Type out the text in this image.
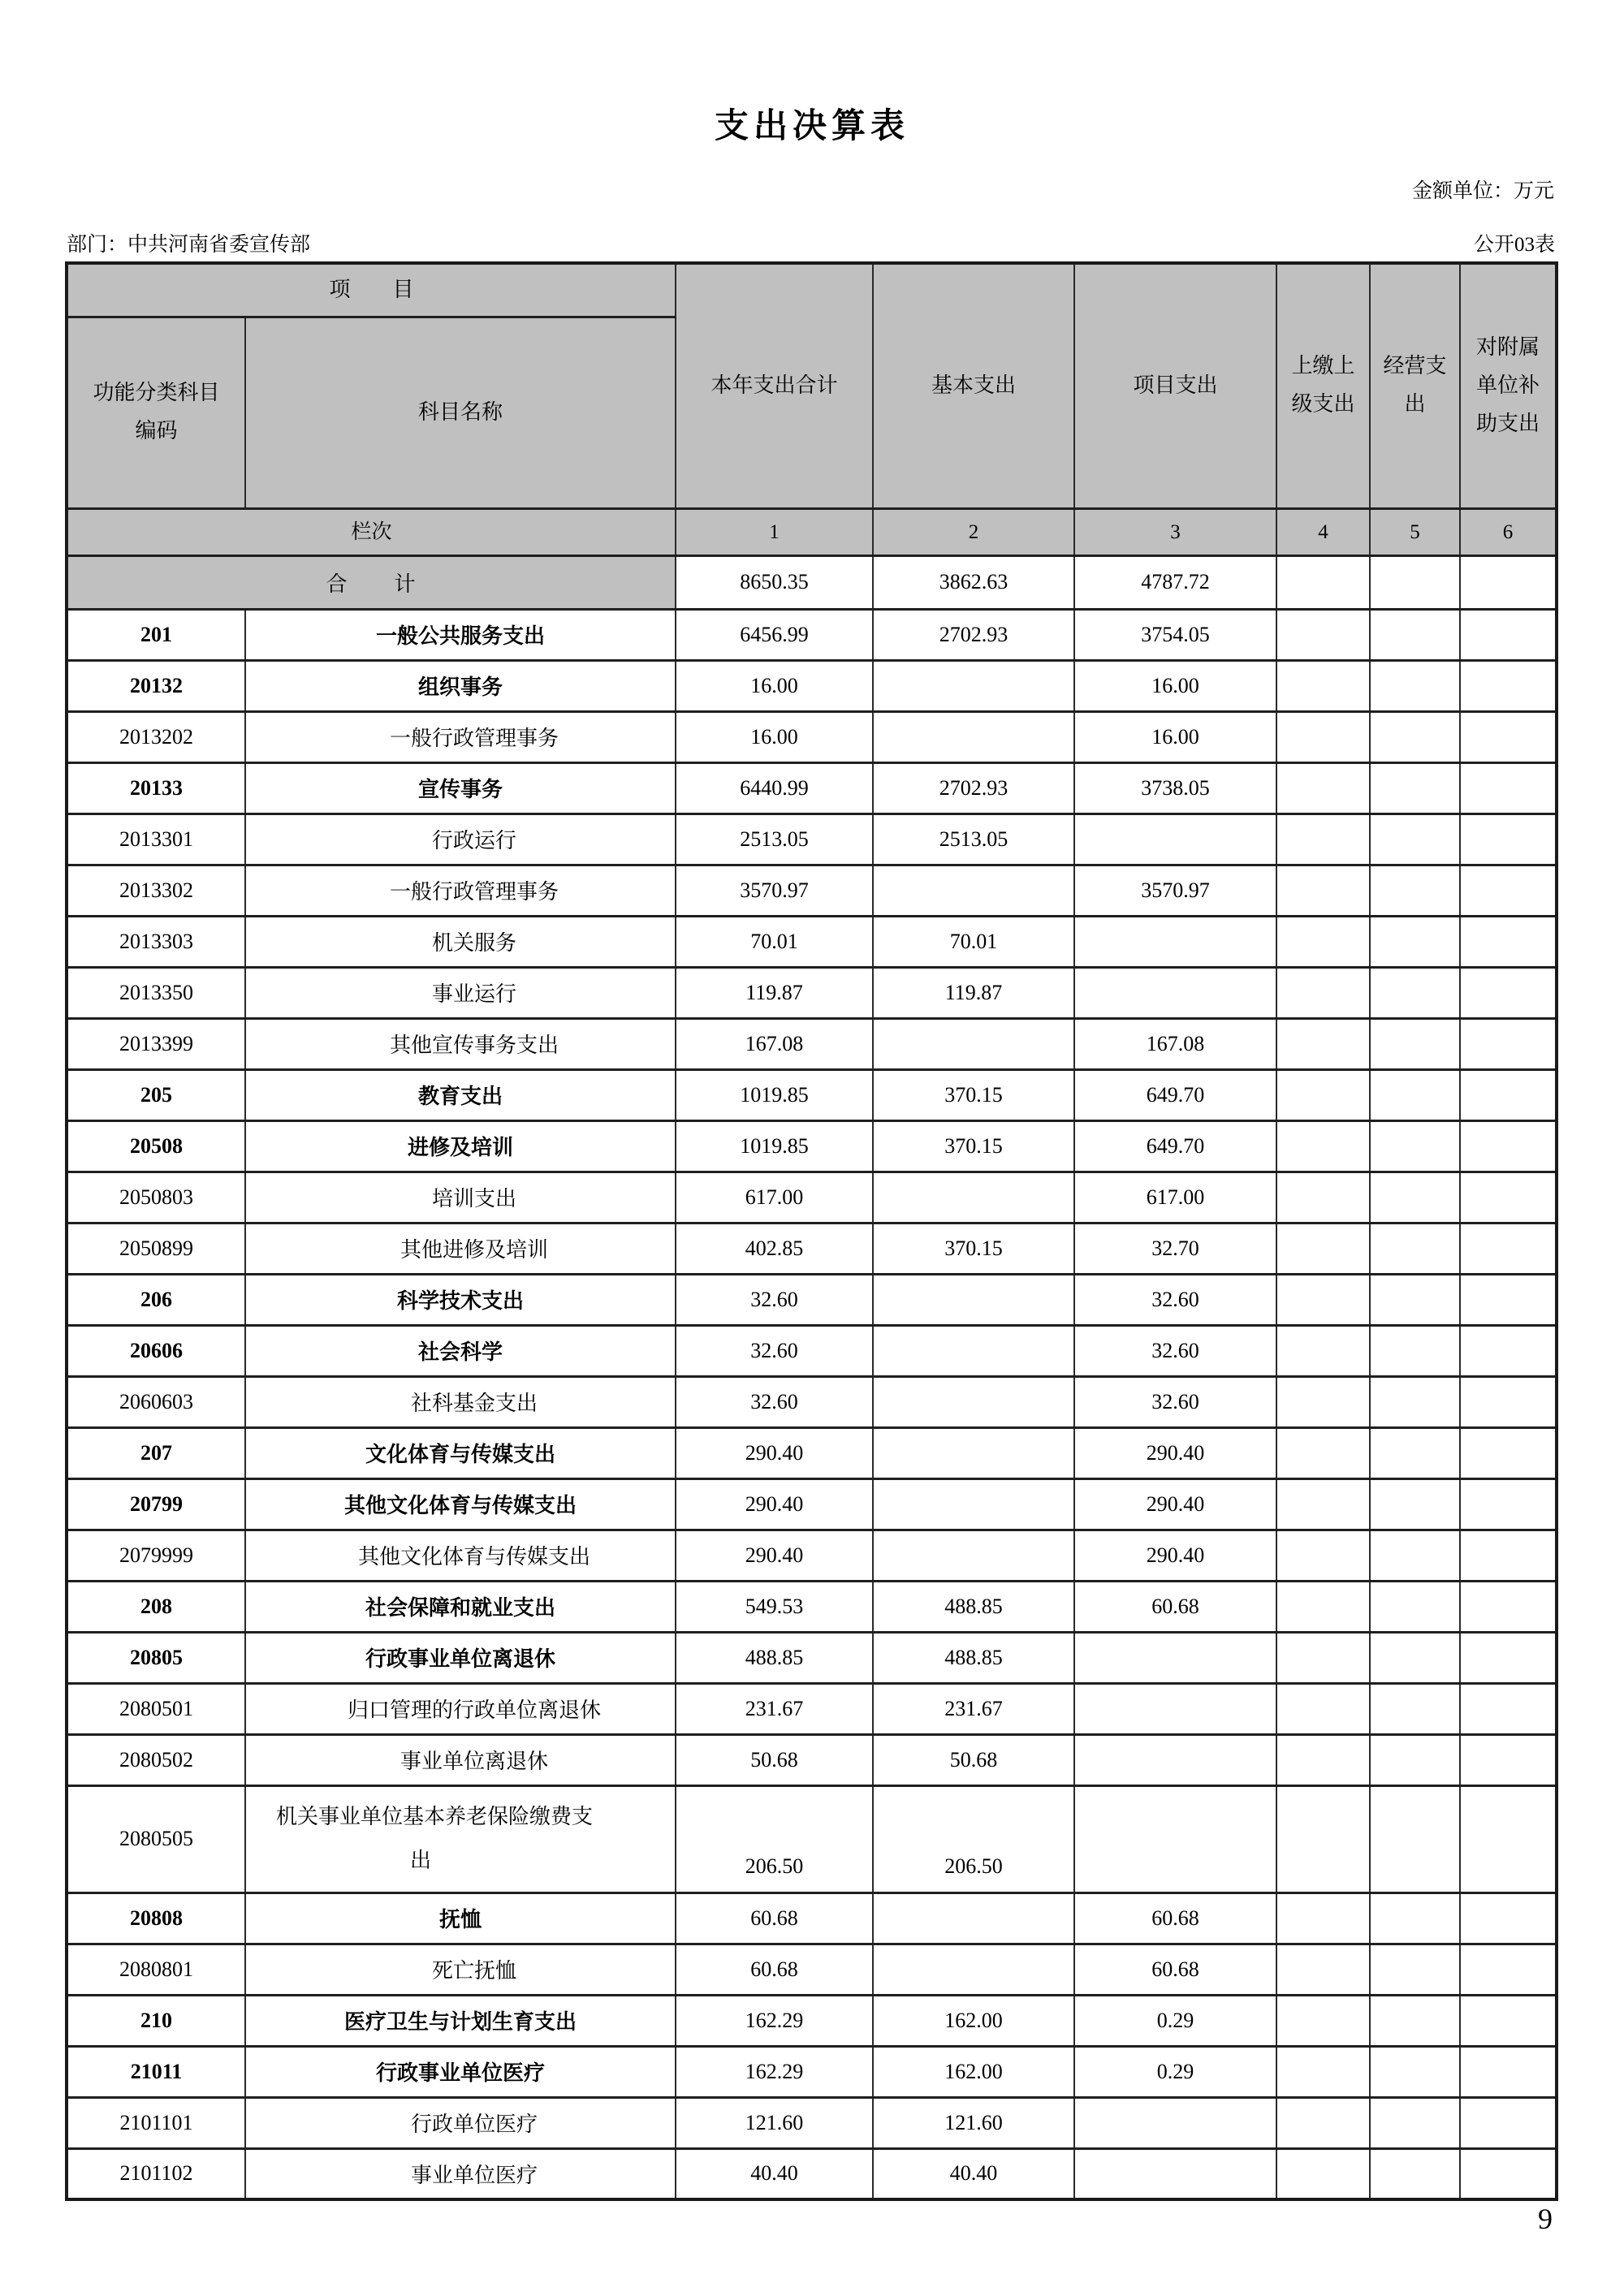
支出决算表
金额单位：万元
部门：中共河南省委宣传部	公开03表
项　　目		本年支出合计	基本支出	项目支出	上缴上级支出	经营支出	对附属单位补助支出
功能分类科目编码	科目名称						
栏次		1	2	3	4	5	6
合　　计		8650.35	3862.63	4787.72			
201	一般公共服务支出	6456.99	2702.93	3754.05			
20132	组织事务	16.00		16.00			
2013202	一般行政管理事务	16.00		16.00			
20133	宣传事务	6440.99	2702.93	3738.05			
2013301	行政运行	2513.05	2513.05				
2013302	一般行政管理事务	3570.97		3570.97			
2013303	机关服务	70.01	70.01				
2013350	事业运行	119.87	119.87				
2013399	其他宣传事务支出	167.08		167.08			
205	教育支出	1019.85	370.15	649.70			
20508	进修及培训	1019.85	370.15	649.70			
2050803	培训支出	617.00		617.00			
2050899	其他进修及培训	402.85	370.15	32.70			
206	科学技术支出	32.60		32.60			
20606	社会科学	32.60		32.60			
2060603	社科基金支出	32.60		32.60			
207	文化体育与传媒支出	290.40		290.40			
20799	其他文化体育与传媒支出	290.40		290.40			
2079999	其他文化体育与传媒支出	290.40		290.40			
208	社会保障和就业支出	549.53	488.85	60.68			
20805	行政事业单位离退休	488.85	488.85				
2080501	归口管理的行政单位离退休	231.67	231.67				
2080502	事业单位离退休	50.68	50.68				
2080505	机关事业单位基本养老保险缴费支出	206.50	206.50				
20808	抚恤	60.68		60.68			
2080801	死亡抚恤	60.68		60.68			
210	医疗卫生与计划生育支出	162.29	162.00	0.29			
21011	行政事业单位医疗	162.29	162.00	0.29			
2101101	行政单位医疗	121.60	121.60				
2101102	事业单位医疗	40.40	40.40				
9
